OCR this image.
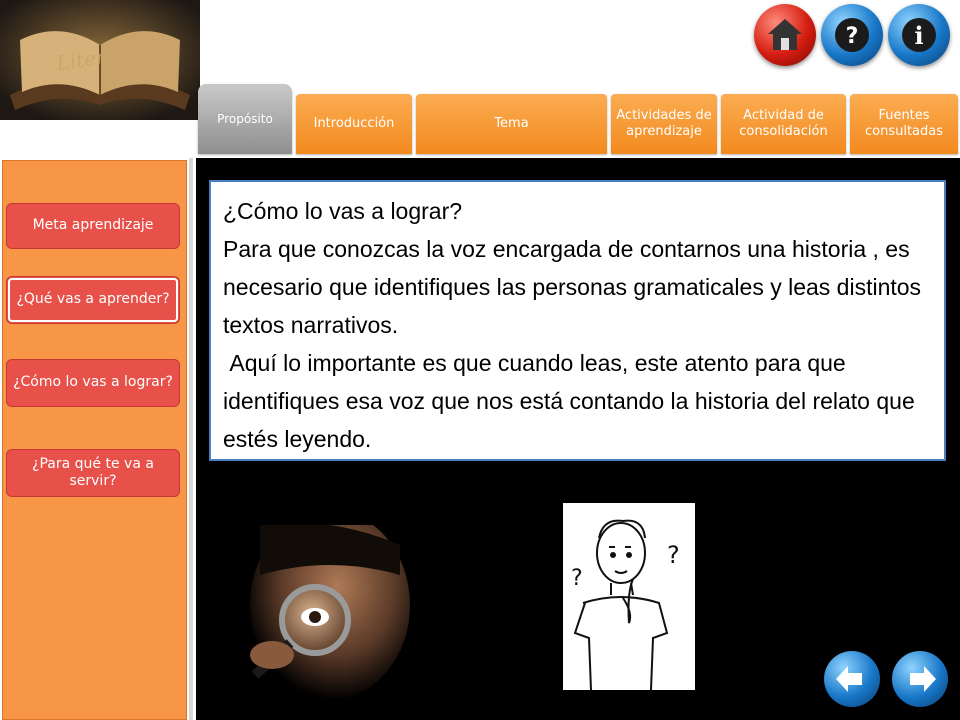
Literatura
? i
Propósito	Introducción	Tema
Actividades de aprendizaje
Actividad de consolidación
Fuentes consultadas
Meta aprendizaje
¿Qué vas a aprender?
¿Cómo lo vas a lograr?
¿Para qué te va a servir?

¿Cómo lo vas a lograr?

Para que conozcas la voz encargada de contarnos una historia , es necesario que identifiques las personas gramaticales y leas distintos textos narrativos.

Aquí lo importante es que cuando leas, este atento para que identifiques esa voz que nos está contando la historia del relato que estés leyendo.

?
?
